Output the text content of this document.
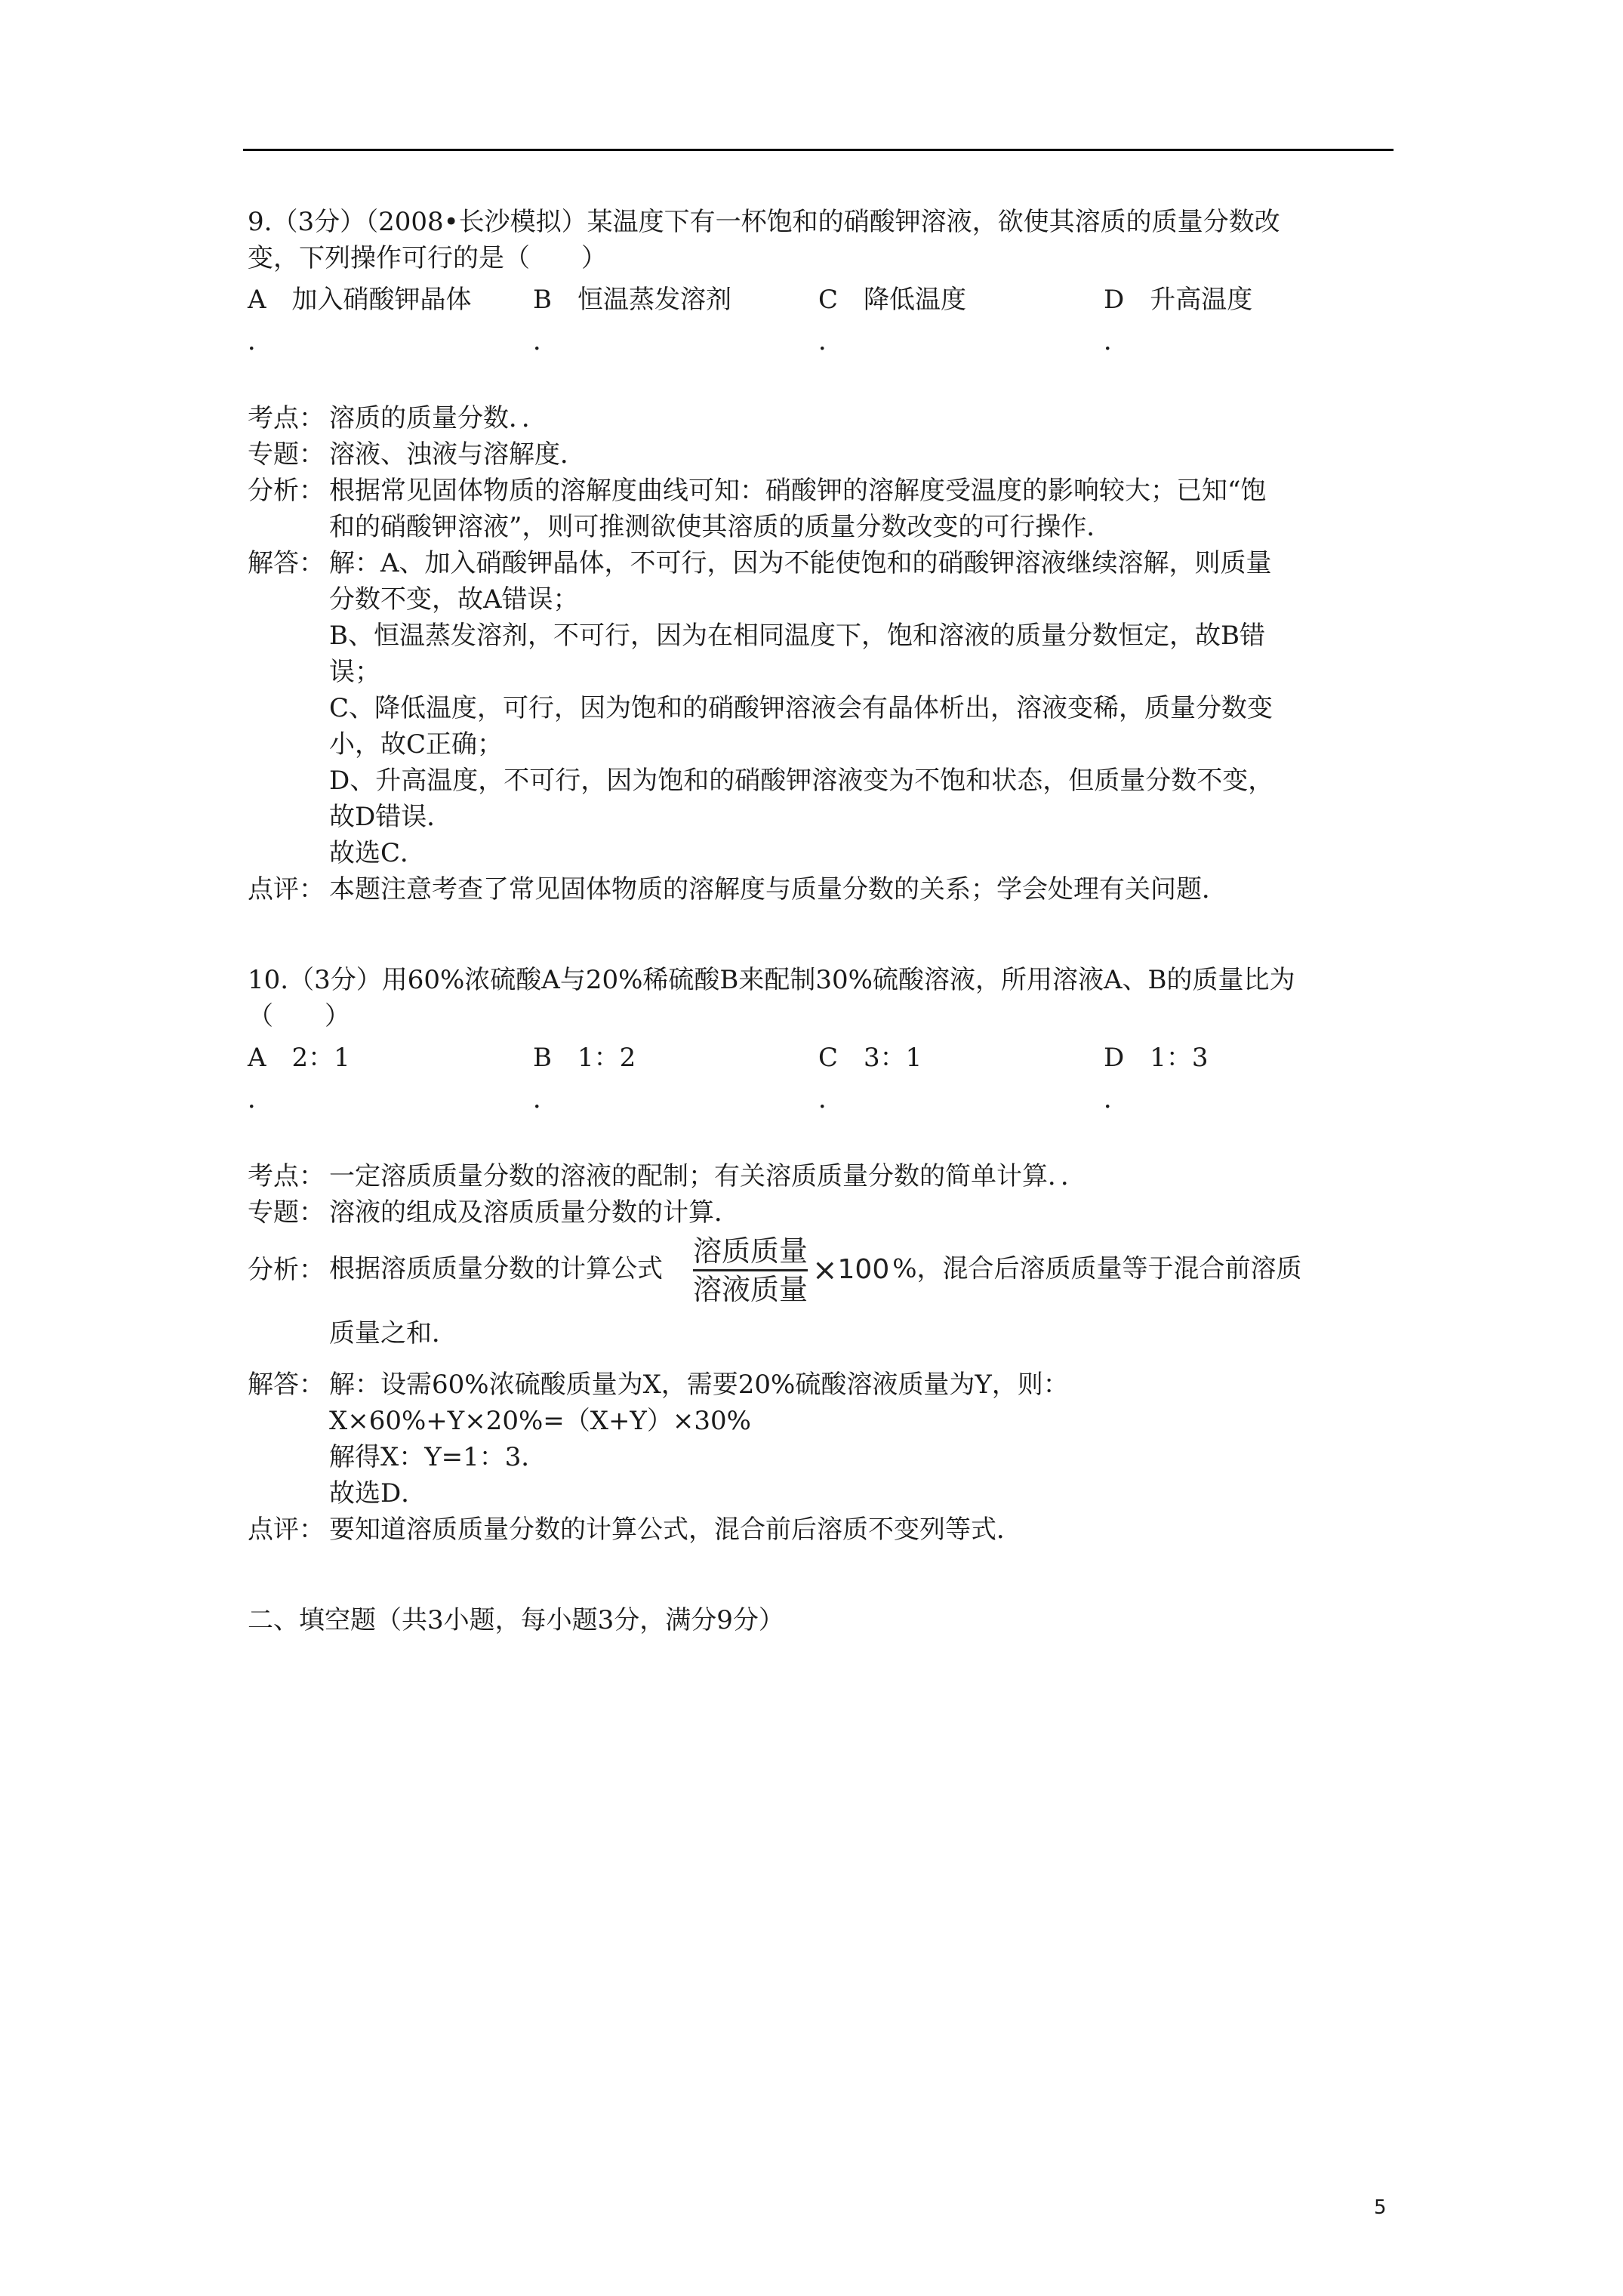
9.（3分）（2008•长沙模拟）某温度下有一杯饱和的硝酸钾溶液，欲使其溶质的质量分数改

变，下列操作可行的是（　　）

A　加入硝酸钾晶体	B　恒温蒸发溶剂	C　降低温度	D　升高温度
．	．	．	．
考点： 溶质的质量分数．．
专题： 溶液、浊液与溶解度．
分析： 根据常见固体物质的溶解度曲线可知：硝酸钾的溶解度受温度的影响较大；已知“饱
和的硝酸钾溶液”，则可推测欲使其溶质的质量分数改变的可行操作．
解答： 解：A、加入硝酸钾晶体，不可行，因为不能使饱和的硝酸钾溶液继续溶解，则质量
分数不变，故A错误；
B、恒温蒸发溶剂，不可行，因为在相同温度下，饱和溶液的质量分数恒定，故B错
误；
C、降低温度，可行，因为饱和的硝酸钾溶液会有晶体析出，溶液变稀，质量分数变
小，故C正确；
D、升高温度，不可行，因为饱和的硝酸钾溶液变为不饱和状态，但质量分数不变，
故D错误．
故选C．
点评： 本题注意考查了常见固体物质的溶解度与质量分数的关系；学会处理有关问题．

10.（3分）用60%浓硫酸A与20%稀硫酸B来配制30%硫酸溶液，所用溶液A、B的质量比为

（　　）

A　2：1	B　1：2	C　3：1	D　1：3
．	．	．	．
考点： 一定溶质质量分数的溶液的配制；有关溶质质量分数的简单计算．．
专题： 溶液的组成及溶质质量分数的计算．
分析： 根据溶质质量分数的计算公式 $\frac{\text{溶质质量}}{\text{溶液质量}} \times 100$ %，混合后溶质质量等于混合前溶质
质量之和．
解答： 解：设需60%浓硫酸质量为X，需要20%硫酸溶液质量为Y，则：
X×60%+Y×20%=（X+Y）×30%
解得X：Y=1：3．
故选D．
点评： 要知道溶质质量分数的计算公式，混合前后溶质不变列等式．

二、填空题（共3小题，每小题3分，满分9分）

5
